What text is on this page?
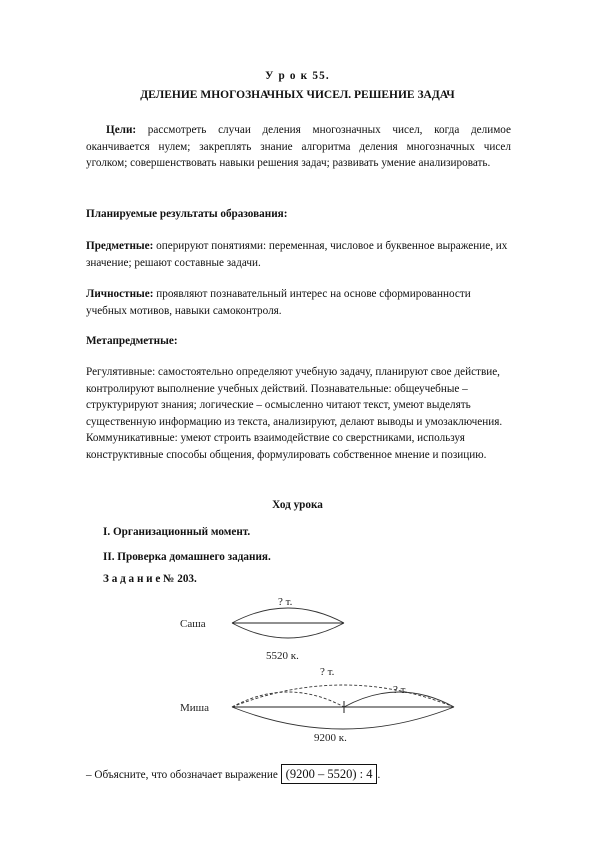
У р о к 55.
ДЕЛЕНИЕ МНОГОЗНАЧНЫХ ЧИСЕЛ. РЕШЕНИЕ ЗАДАЧ
Цели: рассмотреть случаи деления многозначных чисел, когда делимое оканчивается нулем; закреплять знание алгоритма деления многозначных чисел уголком; совершенствовать навыки решения задач; развивать умение анализировать.
Планируемые результаты образования:
Предметные: оперируют понятиями: переменная, числовое и буквенное выражение, их значение; решают составные задачи.
Личностные: проявляют познавательный интерес на основе сформированности учебных мотивов, навыки самоконтроля.
Метапредметные:
Регулятивные: самостоятельно определяют учебную задачу, планируют свое действие, контролируют выполнение учебных действий. Познавательные: общеучебные – структурируют знания; логические – осмысленно читают текст, умеют выделять существенную информацию из текста, анализируют, делают выводы и умозаключения. Коммуникативные: умеют строить взаимодействие со сверстниками, используя конструктивные способы общения, формулировать собственное мнение и позицию.
Ход урока
I. Организационный момент.
II. Проверка домашнего задания.
З а д а н и е № 203.
Саша
? т.
5520 к.
Миша
? т.
? т.
9200 к.
– Объясните, что обозначает выражение (9200 – 5520) : 4 .
